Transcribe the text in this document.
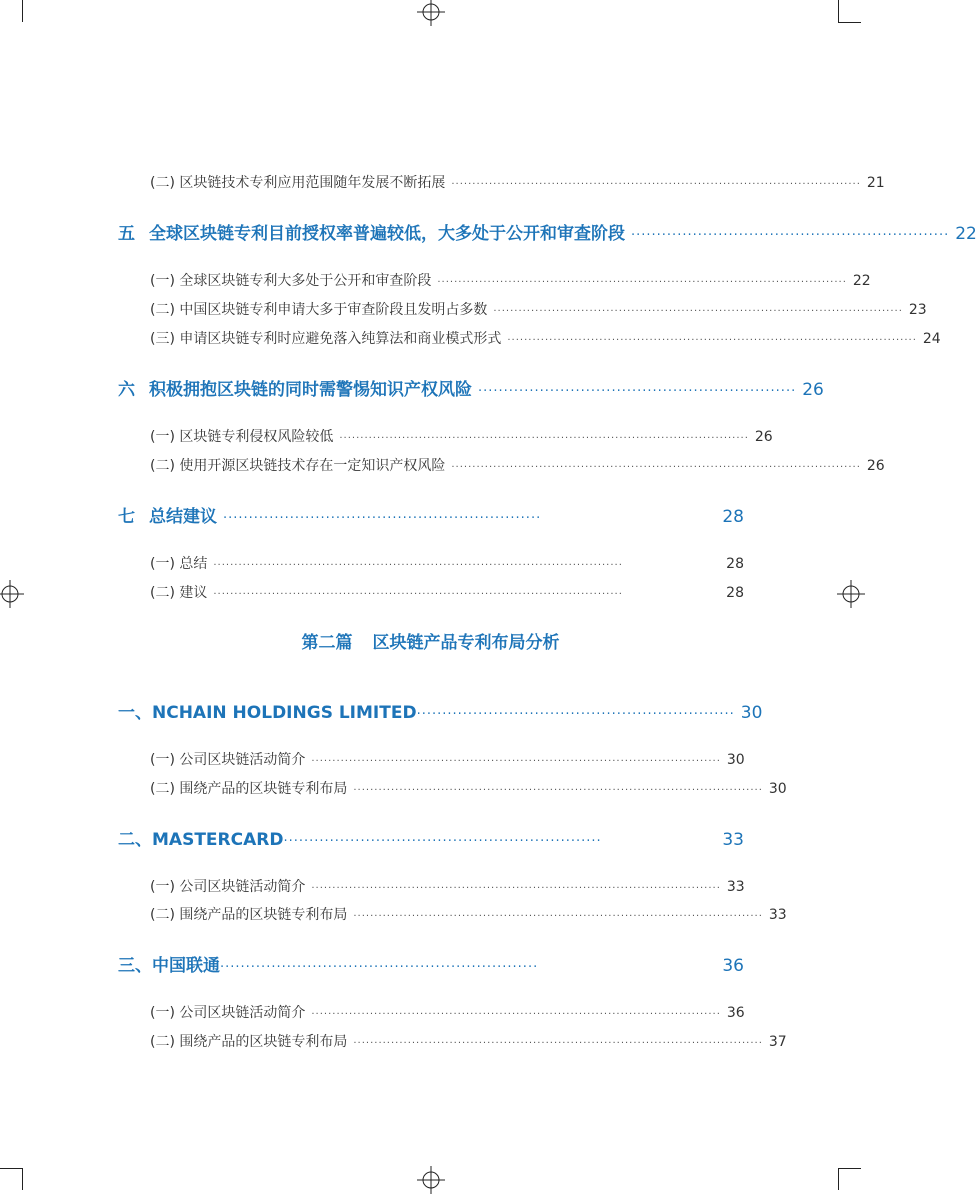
(二) 区块链技术专利应用范围随年发展不断拓展 ·································································································· 21
五 全球区块链专利目前授权率普遍较低，大多处于公开和审查阶段 ······························································ 22
(一) 全球区块链专利大多处于公开和审查阶段 ·································································································· 22
(二) 中国区块链专利申请大多于审查阶段且发明占多数 ·································································································· 23
(三) 申请区块链专利时应避免落入纯算法和商业模式形式 ·································································································· 24
六 积极拥抱区块链的同时需警惕知识产权风险 ······························································ 26
(一) 区块链专利侵权风险较低 ·································································································· 26
(二) 使用开源区块链技术存在一定知识产权风险 ·································································································· 26
七 总结建议 ······························································	28
(一) 总结 ··································································································	28
(二) 建议 ··································································································	28
第二篇 区块链产品专利布局分析
一、NCHAIN HOLDINGS LIMITED ······························································ 30
(一) 公司区块链活动简介 ·································································································· 30
(二) 围绕产品的区块链专利布局 ·································································································· 30
二、MASTERCARD ······························································	33
(一) 公司区块链活动简介 ·································································································· 33
(二) 围绕产品的区块链专利布局 ·································································································· 33
三、中国联通 ······························································	36
(一) 公司区块链活动简介 ·································································································· 36
(二) 围绕产品的区块链专利布局 ·································································································· 37
